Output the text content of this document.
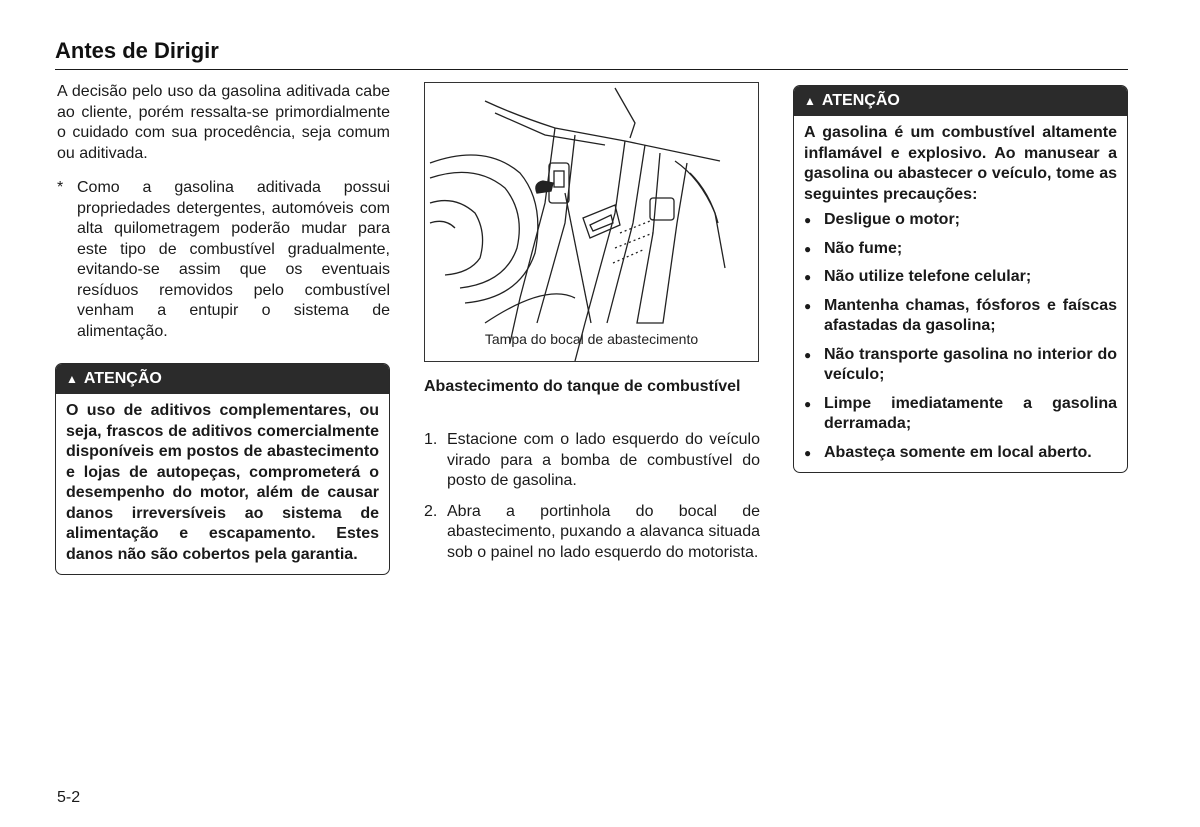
Antes de Dirigir

A decisão pelo uso da gasolina aditivada cabe ao cliente, porém ressalta-se primordialmente o cuidado com sua procedência, seja comum ou aditivada.

* Como a gasolina aditivada possui propriedades detergentes, automóveis com alta quilometragem poderão mudar para este tipo de combustível gradualmente, evitando-se assim que os eventuais resíduos removidos pelo combustível venham a entupir o sistema de alimentação.
▲ ATENÇÃO
O uso de aditivos complementares, ou seja, frascos de aditivos comercialmente disponíveis em postos de abastecimento e lojas de autopeças, comprometerá o desempenho do motor, além de causar danos irreversíveis ao sistema de alimentação e escapamento. Estes danos não são cobertos pela garantia.
Tampa do bocal de abastecimento

Abastecimento do tanque de combustível

1. Estacione com o lado esquerdo do veículo virado para a bomba de combustível do posto de gasolina.
2. Abra a portinhola do bocal de abastecimento, puxando a alavanca situada sob o painel no lado esquerdo do motorista.
▲ ATENÇÃO

A gasolina é um combustível altamente inflamável e explosivo. Ao manusear a gasolina ou abastecer o veículo, tome as seguintes precauções:

● Desligue o motor;
● Não fume;
● Não utilize telefone celular;
● Mantenha chamas, fósforos e faíscas afastadas da gasolina;
● Não transporte gasolina no interior do veículo;
● Limpe imediatamente a gasolina derramada;
● Abasteça somente em local aberto.
5-2
